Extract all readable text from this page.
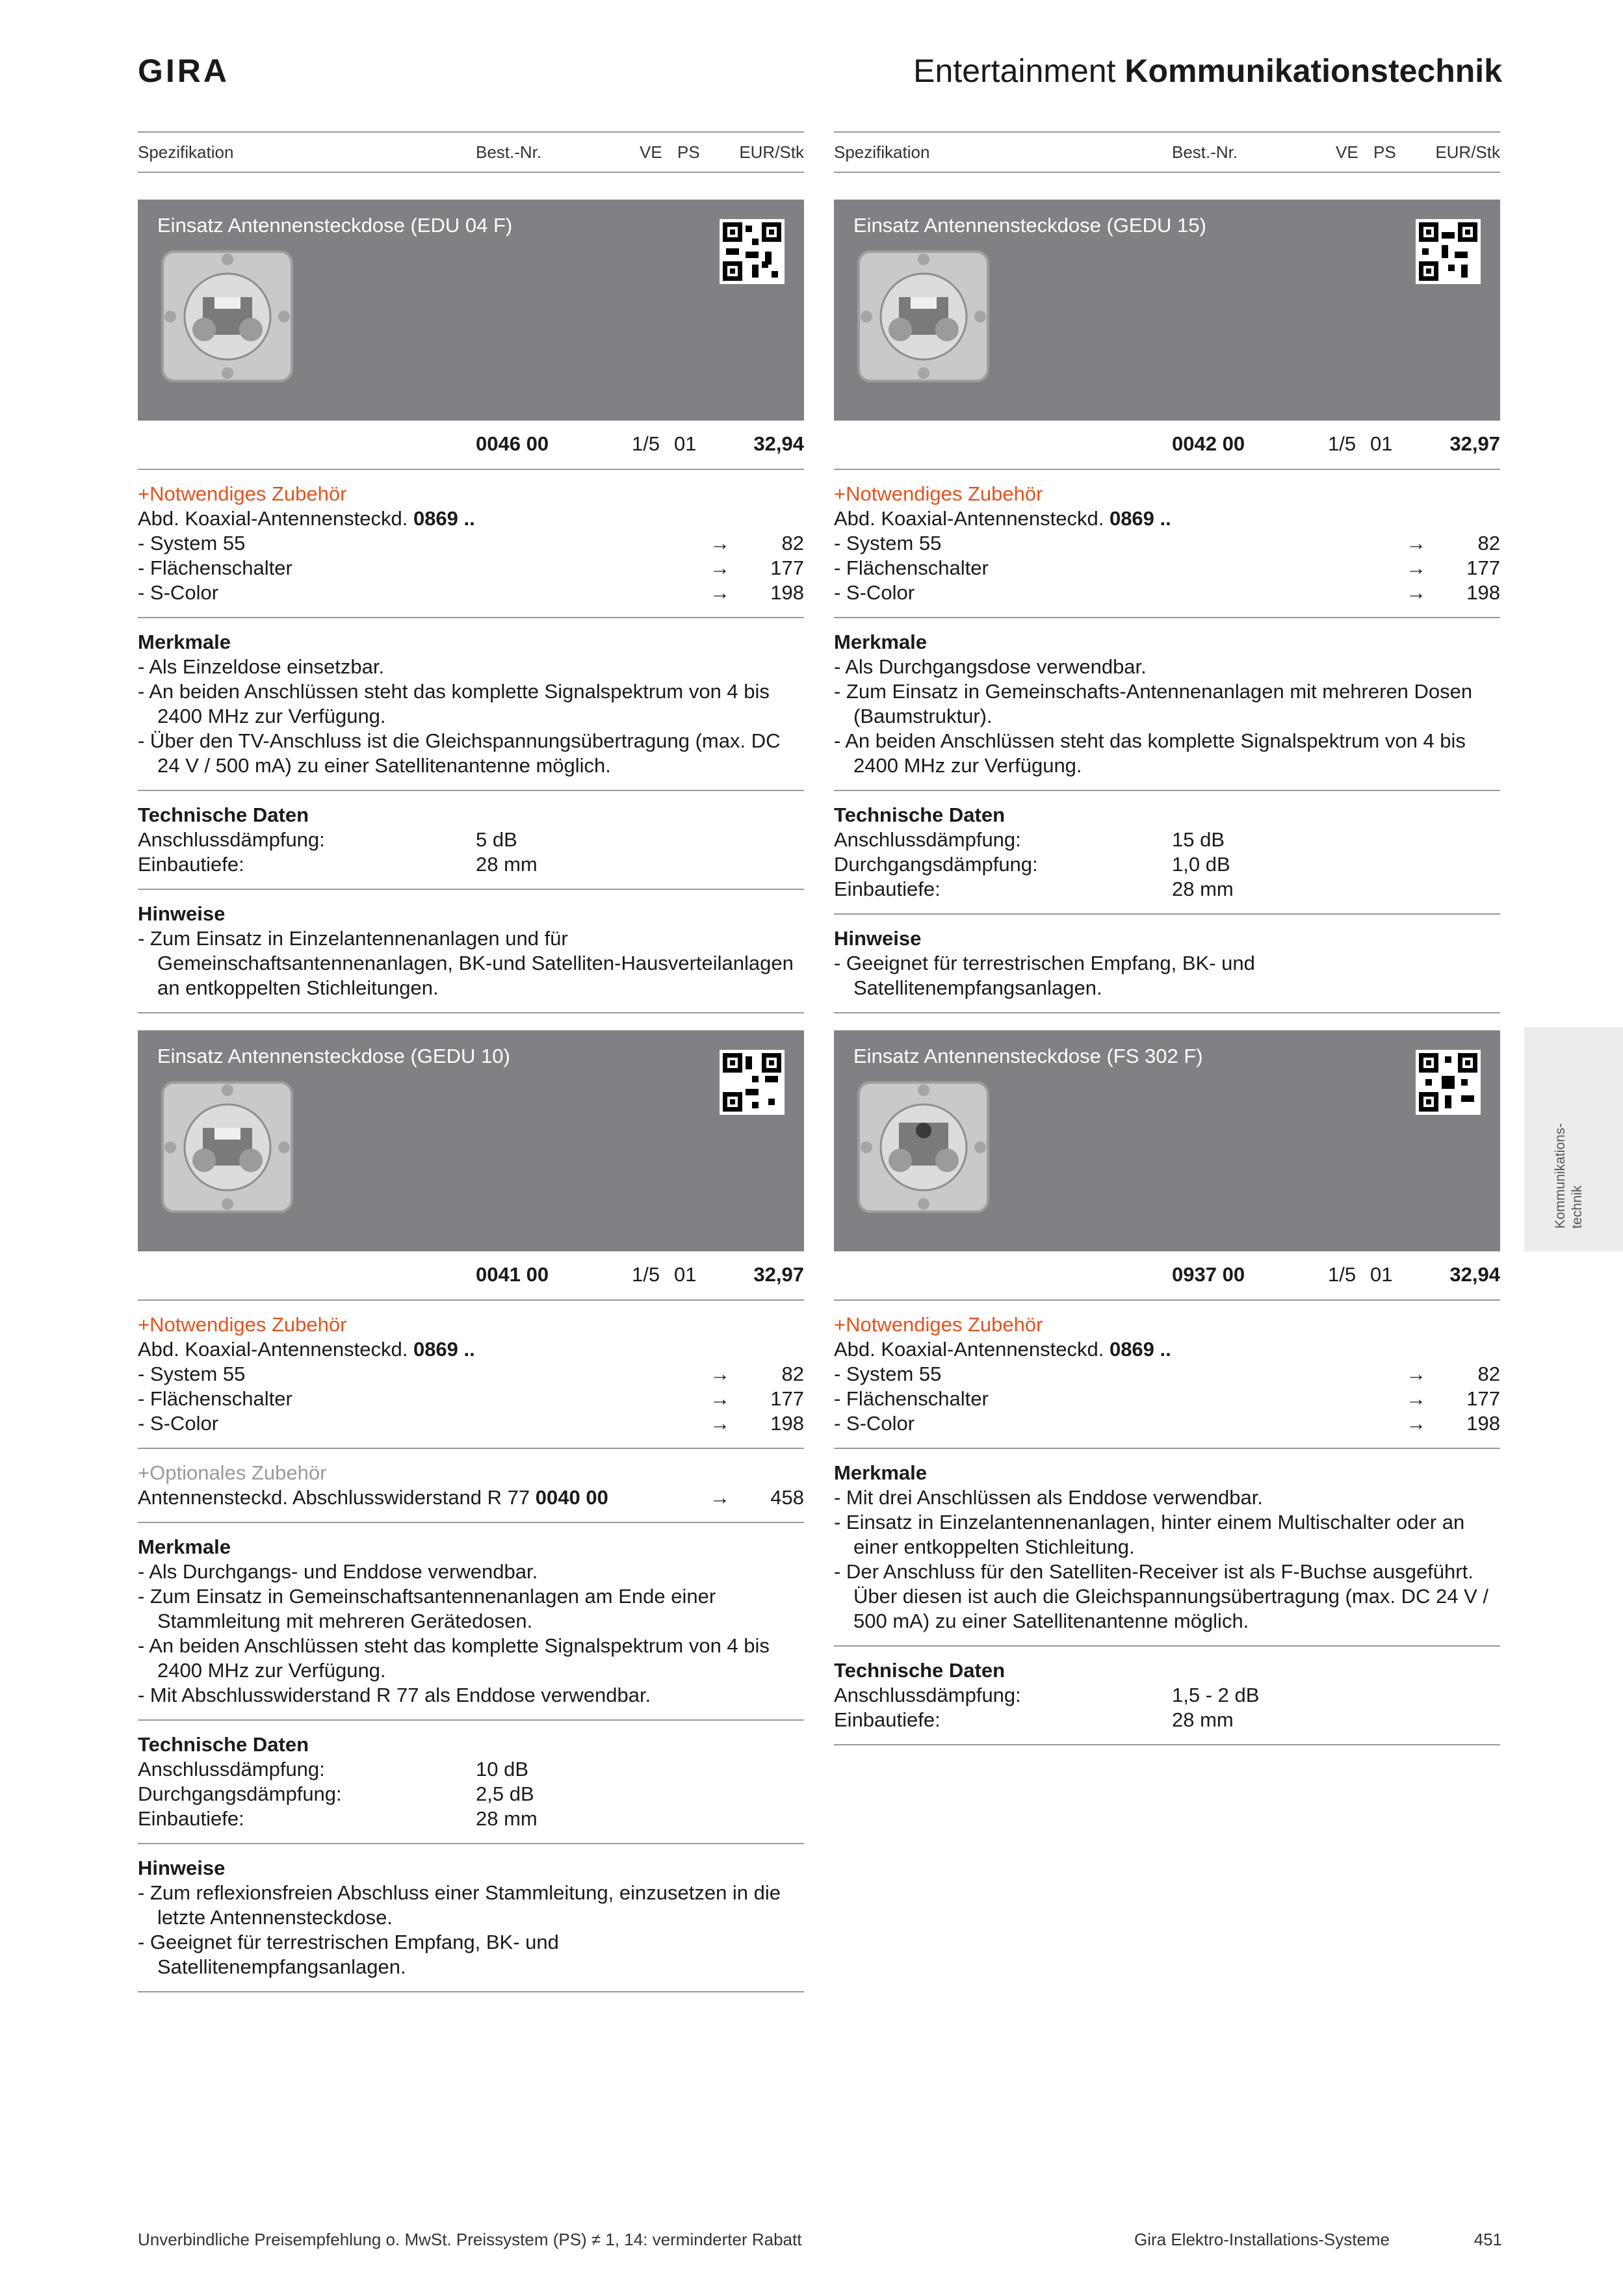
GIRA	Entertainment Kommunikationstechnik
Spezifikation	Best.-Nr.	VE PS EUR/Stk
Einsatz Antennensteckdose (EDU 04 F)
0046 00	1/5 01	32,94
+Notwendiges Zubehör
Abd. Koaxial-Antennensteckd. 0869 ..
- System 55	→	82
- Flächenschalter	→ 177
- S-Color	→ 198
Merkmale
- Als Einzeldose einsetzbar.
- An beiden Anschlüssen steht das komplette Signalspektrum von 4 bis 2400 MHz zur Verfügung.
- Über den TV-Anschluss ist die Gleichspannungsübertragung (max. DC 24 V / 500 mA) zu einer Satellitenantenne möglich.
Technische Daten
Anschlussdämpfung:	5 dB
Einbautiefe:	28 mm
Hinweise
- Zum Einsatz in Einzelantennenanlagen und für Gemeinschaftsantennenanlagen, BK-und Satelliten-Hausverteilanlagen an entkoppelten Stichleitungen.
Einsatz Antennensteckdose (GEDU 10)
0041 00	1/5 01	32,97
+Notwendiges Zubehör
Abd. Koaxial-Antennensteckd. 0869 ..
- System 55	→	82
- Flächenschalter	→ 177
- S-Color	→ 198
+Optionales Zubehör
Antennensteckd. Abschlusswiderstand R 77 0040 00	→ 458
Merkmale
- Als Durchgangs- und Enddose verwendbar.
- Zum Einsatz in Gemeinschaftsantennenanlagen am Ende einer Stammleitung mit mehreren Gerätedosen.
- An beiden Anschlüssen steht das komplette Signalspektrum von 4 bis 2400 MHz zur Verfügung.
- Mit Abschlusswiderstand R 77 als Enddose verwendbar.
Technische Daten
Anschlussdämpfung:	10 dB
Durchgangsdämpfung:	2,5 dB
Einbautiefe:	28 mm
Hinweise
- Zum reflexionsfreien Abschluss einer Stammleitung, einzusetzen in die letzte Antennensteckdose.
- Geeignet für terrestrischen Empfang, BK- und Satellitenempfangsanlagen.
Spezifikation	Best.-Nr.	VE PS EUR/Stk
Einsatz Antennensteckdose (GEDU 15)
0042 00	1/5 01	32,97
+Notwendiges Zubehör
Abd. Koaxial-Antennensteckd. 0869 ..
- System 55	→	82
- Flächenschalter	→ 177
- S-Color	→ 198
Merkmale
- Als Durchgangsdose verwendbar.
- Zum Einsatz in Gemeinschafts-Antennenanlagen mit mehreren Dosen (Baumstruktur).
- An beiden Anschlüssen steht das komplette Signalspektrum von 4 bis 2400 MHz zur Verfügung.
Technische Daten
Anschlussdämpfung:	15 dB
Durchgangsdämpfung:	1,0 dB
Einbautiefe:	28 mm
Hinweise
- Geeignet für terrestrischen Empfang, BK- und Satellitenempfangsanlagen.
Einsatz Antennensteckdose (FS 302 F)
0937 00	1/5 01	32,94
+Notwendiges Zubehör
Abd. Koaxial-Antennensteckd. 0869 ..
- System 55	→	82
- Flächenschalter	→ 177
- S-Color	→ 198
Merkmale
- Mit drei Anschlüssen als Enddose verwendbar.
- Einsatz in Einzelantennenanlagen, hinter einem Multischalter oder an einer entkoppelten Stichleitung.
- Der Anschluss für den Satelliten-Receiver ist als F-Buchse ausgeführt. Über diesen ist auch die Gleichspannungsübertragung (max. DC 24 V / 500 mA) zu einer Satellitenantenne möglich.
Technische Daten
Anschlussdämpfung:	1,5 - 2 dB
Einbautiefe:	28 mm
Kommunikations- technik
Unverbindliche Preisempfehlung o. MwSt. Preissystem (PS) ≠ 1, 14: verminderter Rabatt	Gira Elektro-Installations-Systeme	451
